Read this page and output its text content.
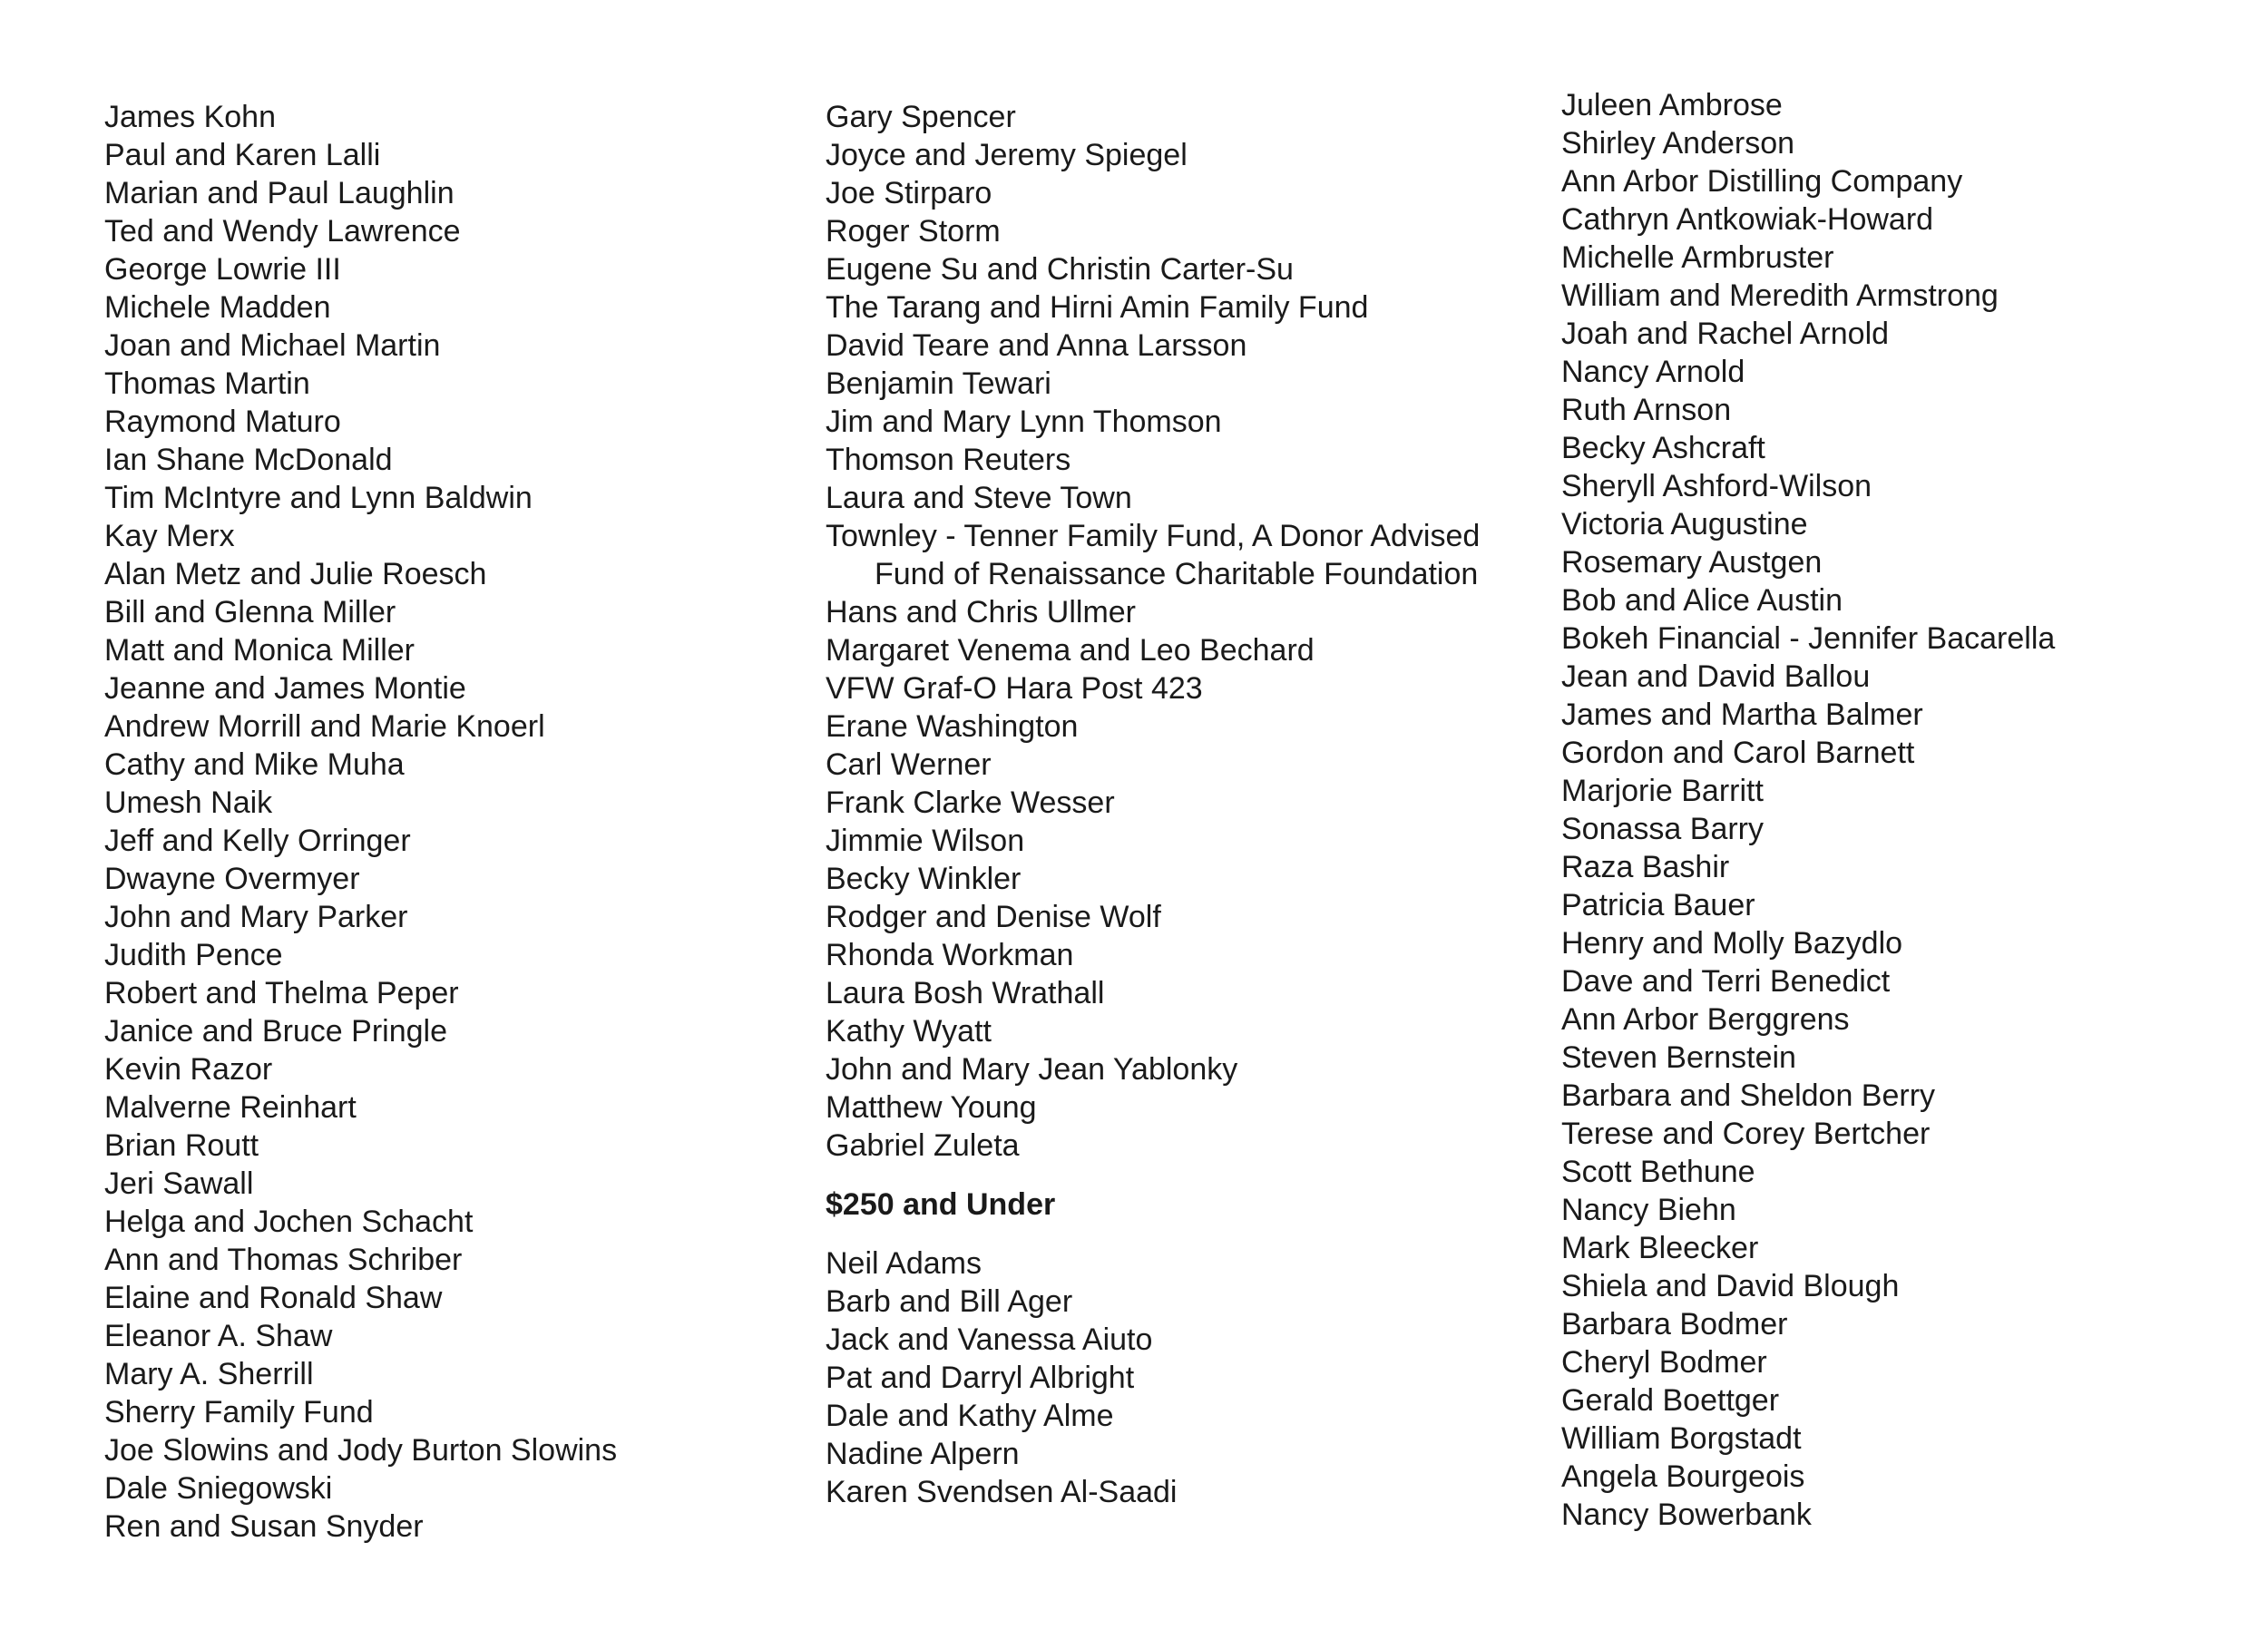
James Kohn
Paul and Karen Lalli
Marian and Paul Laughlin
Ted and Wendy Lawrence
George Lowrie III
Michele Madden
Joan and Michael Martin
Thomas Martin
Raymond Maturo
Ian Shane McDonald
Tim McIntyre and Lynn Baldwin
Kay Merx
Alan Metz and Julie Roesch
Bill and Glenna Miller
Matt and Monica Miller
Jeanne and James Montie
Andrew Morrill and Marie Knoerl
Cathy and Mike Muha
Umesh Naik
Jeff and Kelly Orringer
Dwayne Overmyer
John and Mary Parker
Judith Pence
Robert and Thelma Peper
Janice and Bruce Pringle
Kevin Razor
Malverne Reinhart
Brian Routt
Jeri Sawall
Helga and Jochen Schacht
Ann and Thomas Schriber
Elaine and Ronald Shaw
Eleanor A. Shaw
Mary A. Sherrill
Sherry Family Fund
Joe Slowins and Jody Burton Slowins
Dale Sniegowski
Ren and Susan Snyder
Gary Spencer
Joyce and Jeremy Spiegel
Joe Stirparo
Roger Storm
Eugene Su and Christin Carter-Su
The Tarang and Hirni Amin Family Fund
David Teare and Anna Larsson
Benjamin Tewari
Jim and Mary Lynn Thomson
Thomson Reuters
Laura and Steve Town
Townley - Tenner Family Fund, A Donor Advised
Fund of Renaissance Charitable Foundation
Hans and Chris Ullmer
Margaret Venema and Leo Bechard
VFW Graf-O Hara Post 423
Erane Washington
Carl Werner
Frank Clarke Wesser
Jimmie Wilson
Becky Winkler
Rodger and Denise Wolf
Rhonda Workman
Laura Bosh Wrathall
Kathy Wyatt
John and Mary Jean Yablonky
Matthew Young
Gabriel Zuleta
$250 and Under
Neil Adams
Barb and Bill Ager
Jack and Vanessa Aiuto
Pat and Darryl Albright
Dale and Kathy Alme
Nadine Alpern
Karen Svendsen Al-Saadi
Juleen Ambrose
Shirley Anderson
Ann Arbor Distilling Company
Cathryn Antkowiak-Howard
Michelle Armbruster
William and Meredith Armstrong
Joah and Rachel Arnold
Nancy Arnold
Ruth Arnson
Becky Ashcraft
Sheryll Ashford-Wilson
Victoria Augustine
Rosemary Austgen
Bob and Alice Austin
Bokeh Financial - Jennifer Bacarella
Jean and David Ballou
James and Martha Balmer
Gordon and Carol Barnett
Marjorie Barritt
Sonassa Barry
Raza Bashir
Patricia Bauer
Henry and Molly Bazydlo
Dave and Terri Benedict
Ann Arbor Berggrens
Steven Bernstein
Barbara and Sheldon Berry
Terese and Corey Bertcher
Scott Bethune
Nancy Biehn
Mark Bleecker
Shiela and David Blough
Barbara Bodmer
Cheryl Bodmer
Gerald Boettger
William Borgstadt
Angela Bourgeois
Nancy Bowerbank
